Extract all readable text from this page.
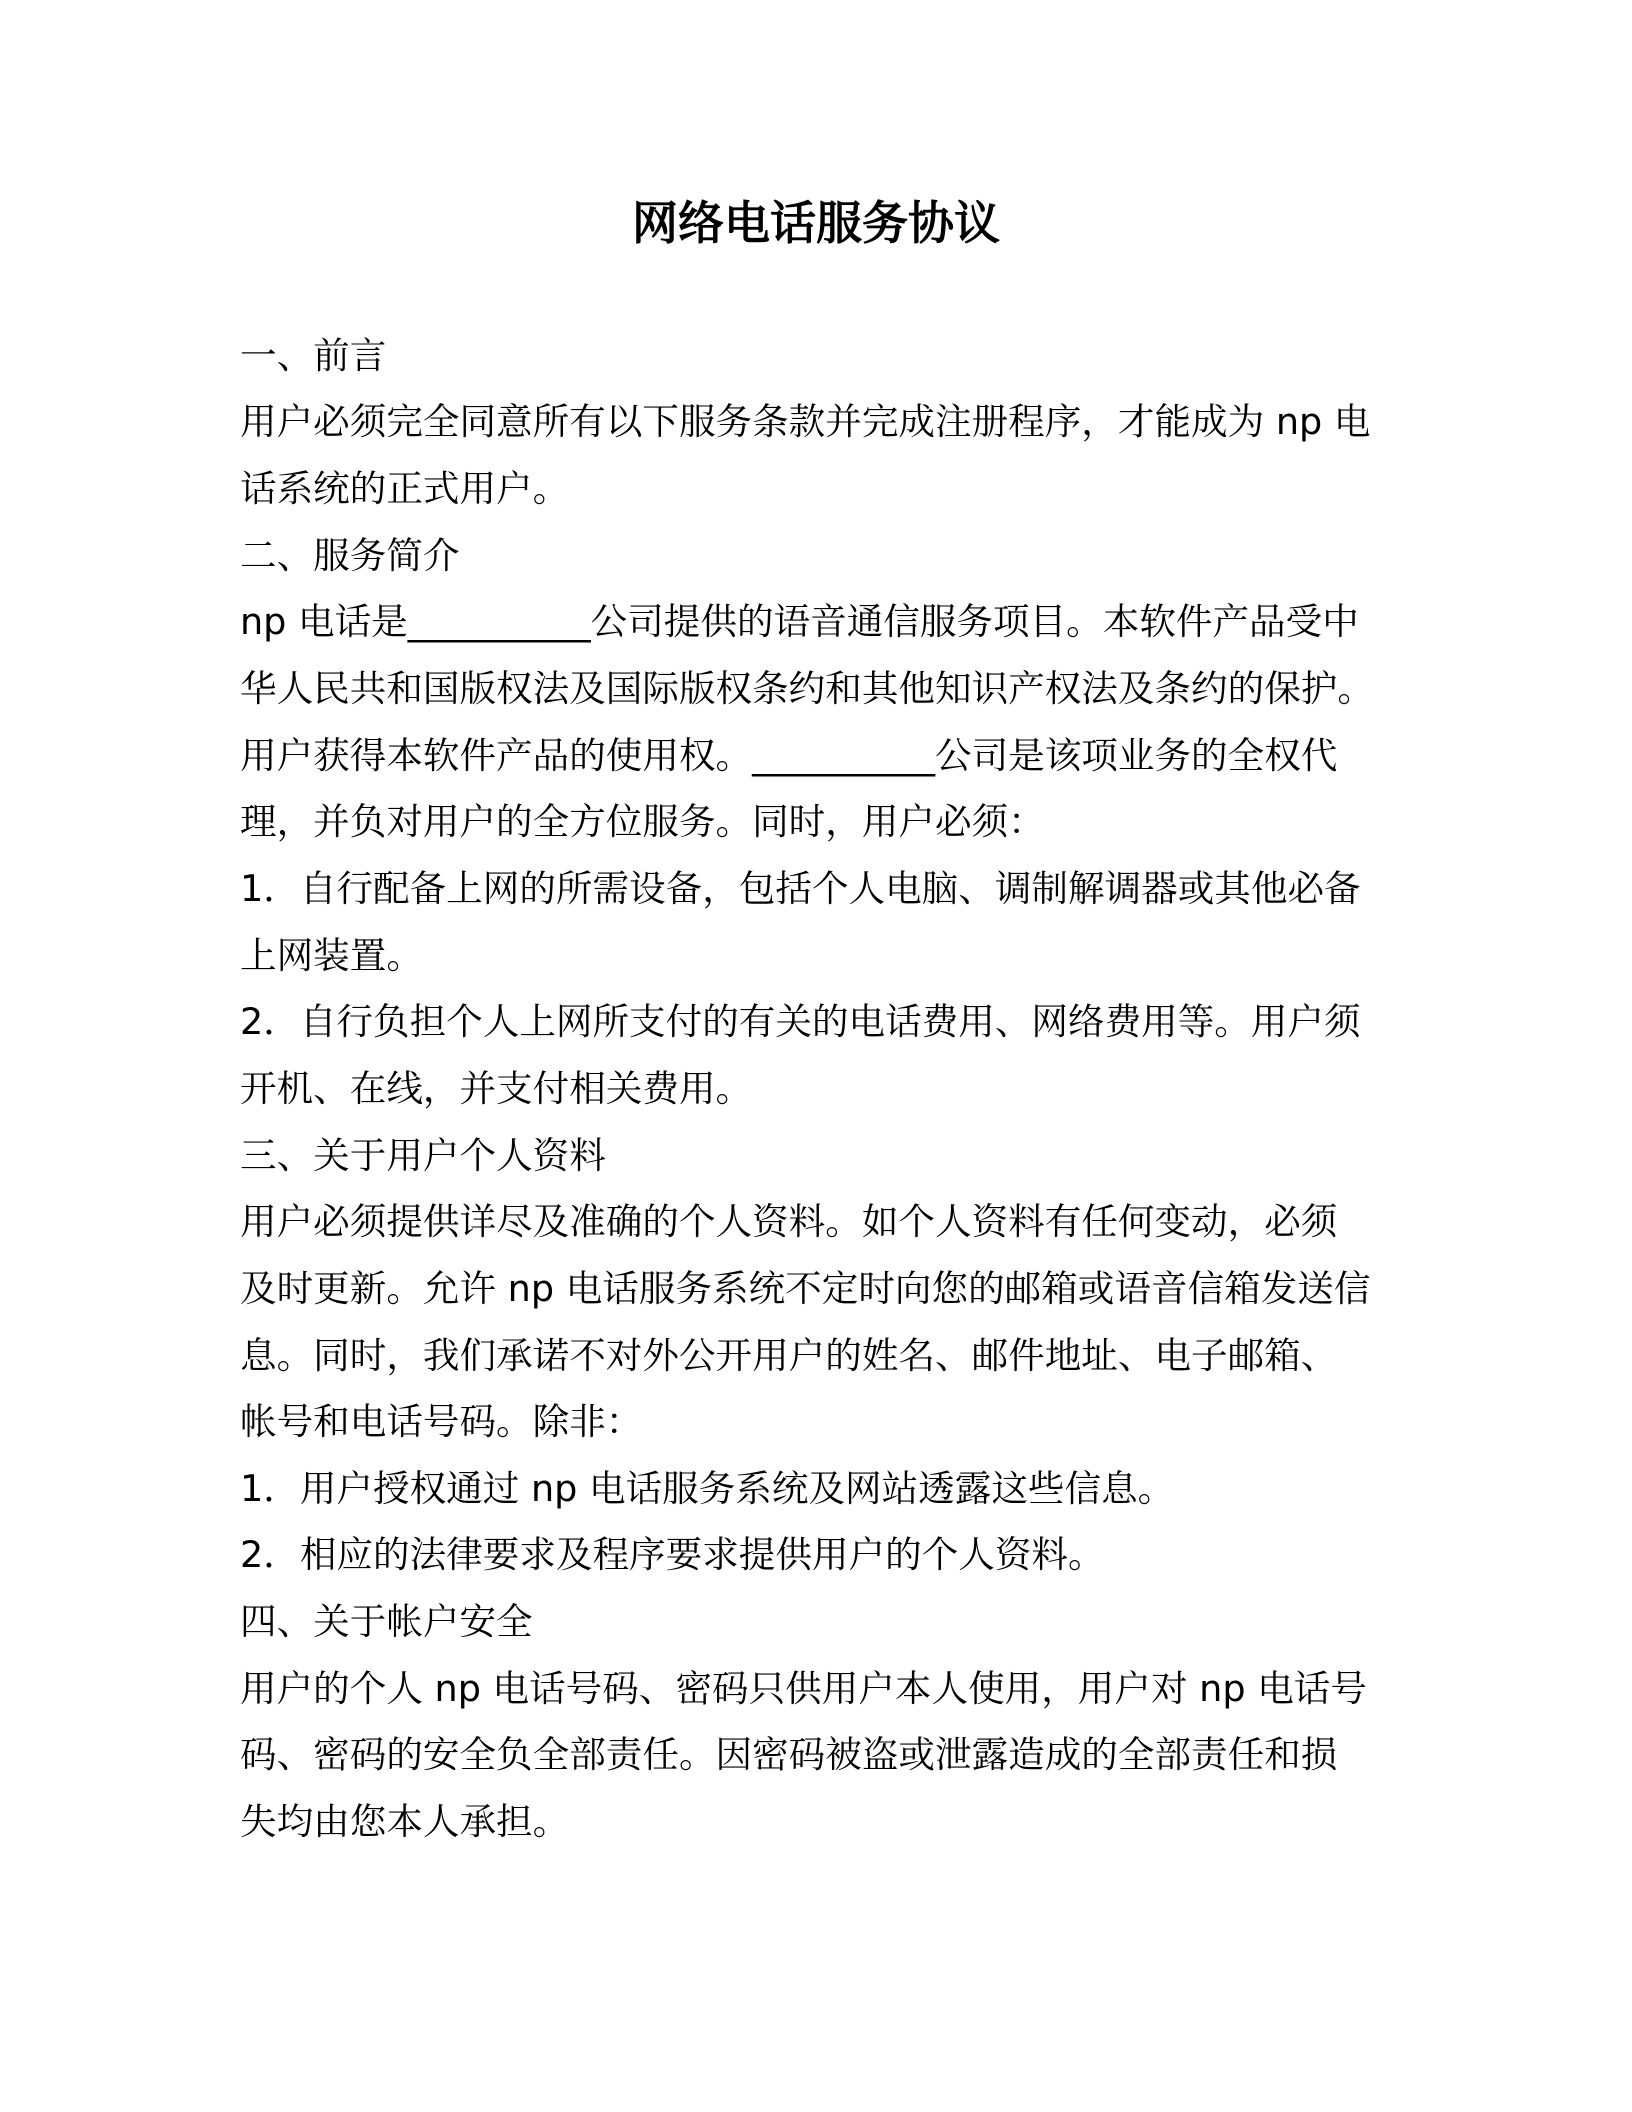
网络电话服务协议
一、前言
用户必须完全同意所有以下服务条款并完成注册程序，才能成为 np 电
话系统的正式用户。
二、服务简介
np 电话是__________公司提供的语音通信服务项目。本软件产品受中
华人民共和国版权法及国际版权条约和其他知识产权法及条约的保护。
用户获得本软件产品的使用权。__________公司是该项业务的全权代
理，并负对用户的全方位服务。同时，用户必须：
1．自行配备上网的所需设备，包括个人电脑、调制解调器或其他必备
上网装置。
2．自行负担个人上网所支付的有关的电话费用、网络费用等。用户须
开机、在线，并支付相关费用。
三、关于用户个人资料
用户必须提供详尽及准确的个人资料。如个人资料有任何变动，必须
及时更新。允许 np 电话服务系统不定时向您的邮箱或语音信箱发送信
息。同时，我们承诺不对外公开用户的姓名、邮件地址、电子邮箱、
帐号和电话号码。除非：
1．用户授权通过 np 电话服务系统及网站透露这些信息。
2．相应的法律要求及程序要求提供用户的个人资料。
四、关于帐户安全
用户的个人 np 电话号码、密码只供用户本人使用，用户对 np 电话号
码、密码的安全负全部责任。因密码被盗或泄露造成的全部责任和损
失均由您本人承担。
